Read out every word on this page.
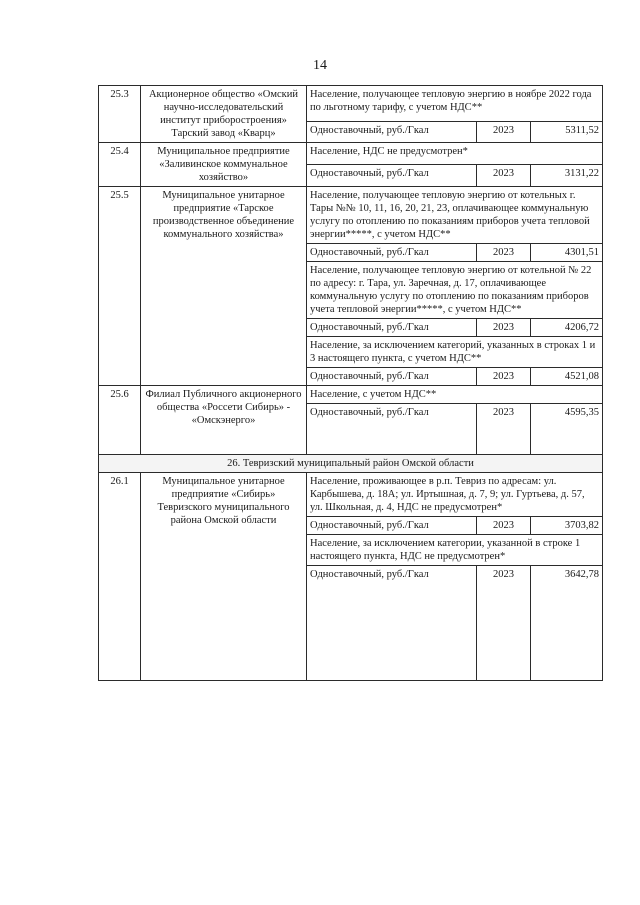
14
25.3	Акционерное общество «Омский научно-исследовательский институт приборостроения» Тарский завод «Кварц»	Население, получающее тепловую энергию в ноябре 2022 года по льготному тарифу, с учетом НДС**		
		Одноставочный, руб./Гкал	2023	5311,52
25.4	Муниципальное предприятие «Заливинское коммунальное хозяйство»	Население, НДС не предусмотрен*		
		Одноставочный, руб./Гкал	2023	3131,22
25.5	Муниципальное унитарное предприятие «Тарское производственное объединение коммунального хозяйства»	Население, получающее тепловую энергию от котельных г. Тары №№ 10, 11, 16, 20, 21, 23, оплачивающее коммунальную услугу по отоплению по показаниям приборов учета тепловой энергии*****, с учетом НДС**		
		Одноставочный, руб./Гкал	2023	4301,51
		Население, получающее тепловую энергию от котельной № 22 по адресу: г. Тара, ул. Заречная, д. 17, оплачивающее коммунальную услугу по отоплению по показаниям приборов учета тепловой энергии*****, с учетом НДС**		
		Одноставочный, руб./Гкал	2023	4206,72
		Население, за исключением категорий, указанных в строках 1 и 3 настоящего пункта, с учетом НДС**		
		Одноставочный, руб./Гкал	2023	4521,08
25.6	Филиал Публичного акционерного общества «Россети Сибирь» - «Омскэнерго»	Население, с учетом НДС**		
		Одноставочный, руб./Гкал	2023	4595,35
26. Тевризский муниципальный район Омской области				
26.1	Муниципальное унитарное предприятие «Сибирь» Тевризского муниципального района Омской области	Население, проживающее в р.п. Тевриз по адресам: ул. Карбышева, д. 18А; ул. Иртышная, д. 7, 9; ул. Гуртьева, д. 57, ул. Школьная, д. 4, НДС не предусмотрен*		
		Одноставочный, руб./Гкал	2023	3703,82
		Население, за исключением категории, указанной в строке 1 настоящего пункта, НДС не предусмотрен*		
		Одноставочный, руб./Гкал	2023	3642,78
